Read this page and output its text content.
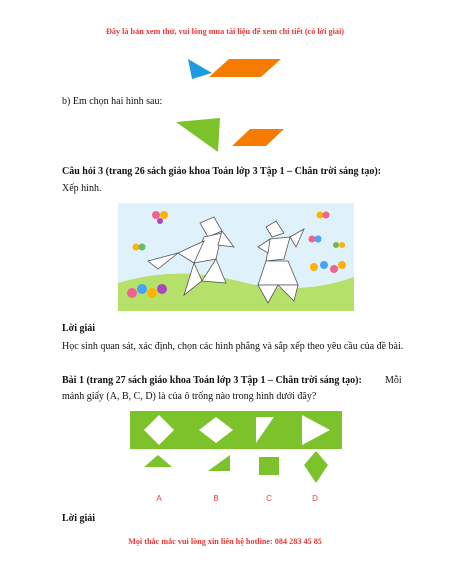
Đây là bản xem thử, vui lòng mua tài liệu để xem chi tiết (có lời giải)
b) Em chọn hai hình sau:
Câu hỏi 3 (trang 26 sách giáo khoa Toán lớp 3 Tập 1 – Chân trời sáng tạo):
Xếp hình.
Lời giải
Học sinh quan sát, xác định, chọn các hình phẳng và sắp xếp theo yêu cầu của đề bài.
Bài 1 (trang 27 sách giáo khoa Toán lớp 3 Tập 1 – Chân trời sáng tạo):	Mỗi
mảnh giấy (A, B, C, D) là của ô trống nào trong hình dưới đây?
A	B	C	D
Lời giải
Mọi thắc mắc vui lòng xin liên hệ hotline: 084 283 45 85
